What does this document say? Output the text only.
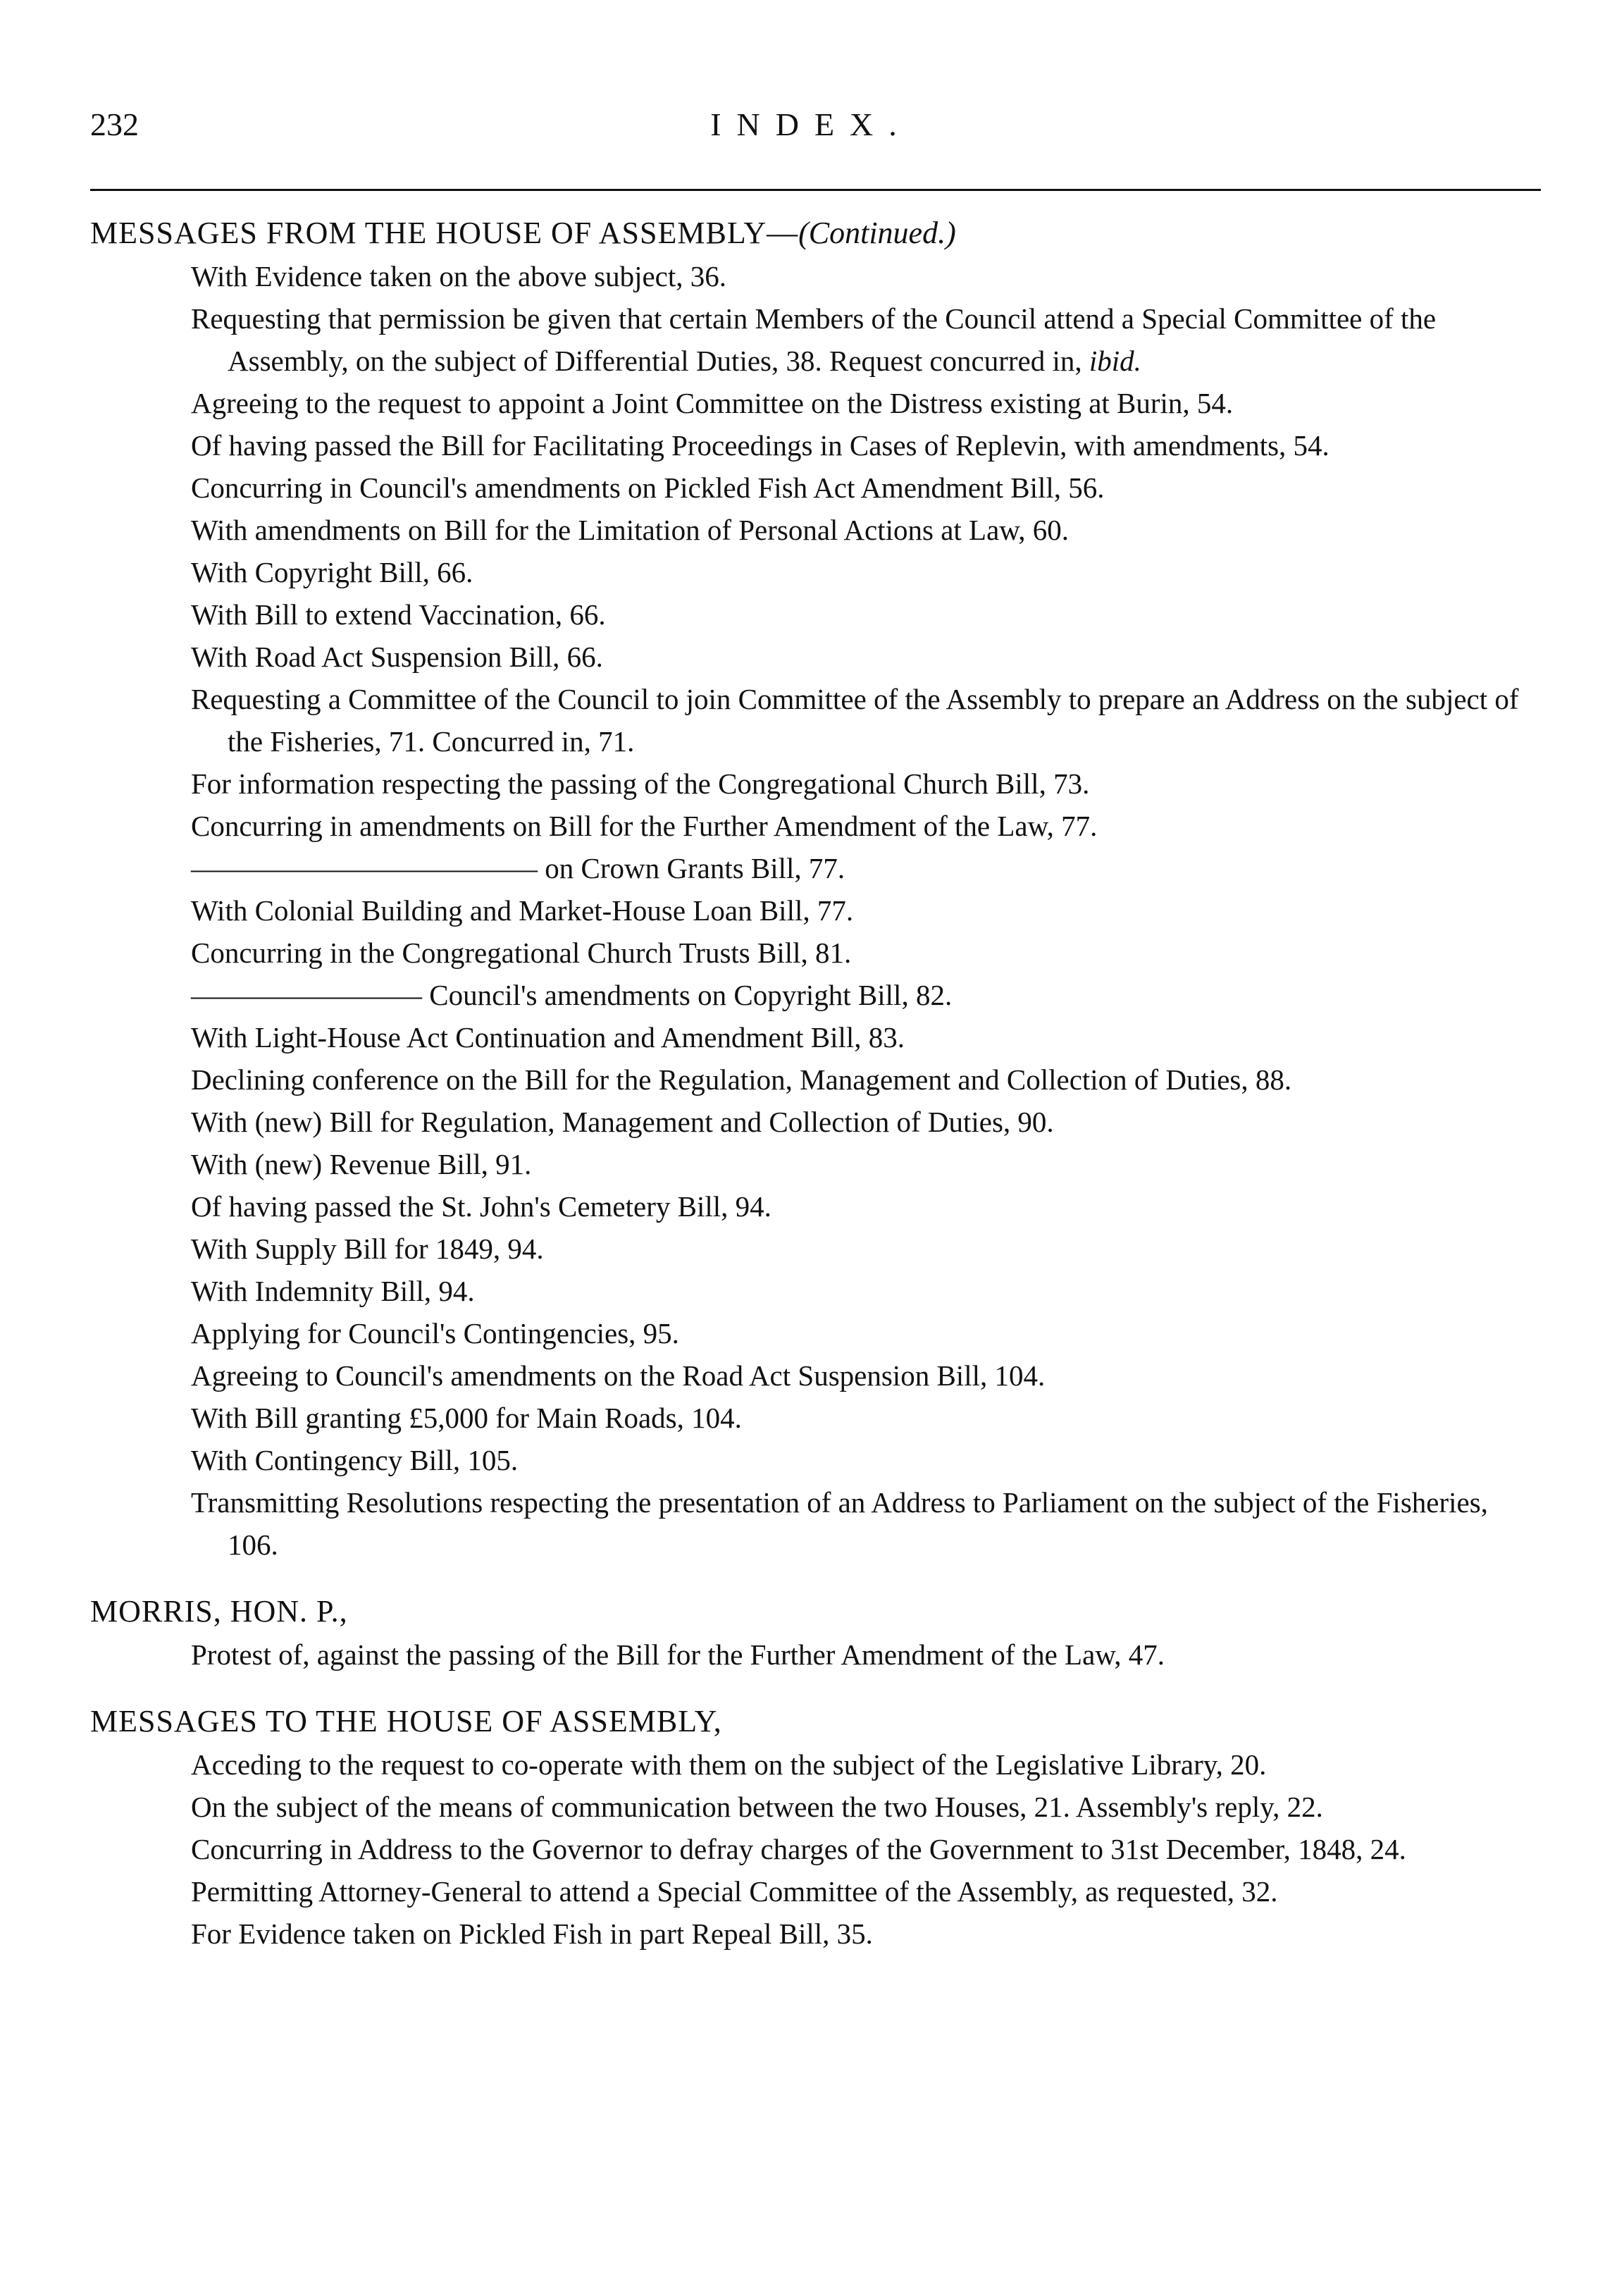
232	INDEX.
MESSAGES FROM THE HOUSE OF ASSEMBLY—(Continued.)
With Evidence taken on the above subject, 36.
Requesting that permission be given that certain Members of the Council attend a Special Committee of the Assembly, on the subject of Differential Duties, 38. Request concurred in, ibid.
Agreeing to the request to appoint a Joint Committee on the Distress existing at Burin, 54.
Of having passed the Bill for Facilitating Proceedings in Cases of Replevin, with amendments, 54.
Concurring in Council's amendments on Pickled Fish Act Amendment Bill, 56.
With amendments on Bill for the Limitation of Personal Actions at Law, 60.
With Copyright Bill, 66.
With Bill to extend Vaccination, 66.
With Road Act Suspension Bill, 66.
Requesting a Committee of the Council to join Committee of the Assembly to prepare an Address on the subject of the Fisheries, 71. Concurred in, 71.
For information respecting the passing of the Congregational Church Bill, 73.
Concurring in amendments on Bill for the Further Amendment of the Law, 77.
———————————— on Crown Grants Bill, 77.
With Colonial Building and Market-House Loan Bill, 77.
Concurring in the Congregational Church Trusts Bill, 81.
———————— Council's amendments on Copyright Bill, 82.
With Light-House Act Continuation and Amendment Bill, 83.
Declining conference on the Bill for the Regulation, Management and Collection of Duties, 88.
With (new) Bill for Regulation, Management and Collection of Duties, 90.
With (new) Revenue Bill, 91.
Of having passed the St. John's Cemetery Bill, 94.
With Supply Bill for 1849, 94.
With Indemnity Bill, 94.
Applying for Council's Contingencies, 95.
Agreeing to Council's amendments on the Road Act Suspension Bill, 104.
With Bill granting £5,000 for Main Roads, 104.
With Contingency Bill, 105.
Transmitting Resolutions respecting the presentation of an Address to Parliament on the subject of the Fisheries, 106.
MORRIS, HON. P.,
Protest of, against the passing of the Bill for the Further Amendment of the Law, 47.
MESSAGES TO THE HOUSE OF ASSEMBLY,
Acceding to the request to co-operate with them on the subject of the Legislative Library, 20.
On the subject of the means of communication between the two Houses, 21. Assembly's reply, 22.
Concurring in Address to the Governor to defray charges of the Government to 31st December, 1848, 24.
Permitting Attorney-General to attend a Special Committee of the Assembly, as requested, 32.
For Evidence taken on Pickled Fish in part Repeal Bill, 35.
